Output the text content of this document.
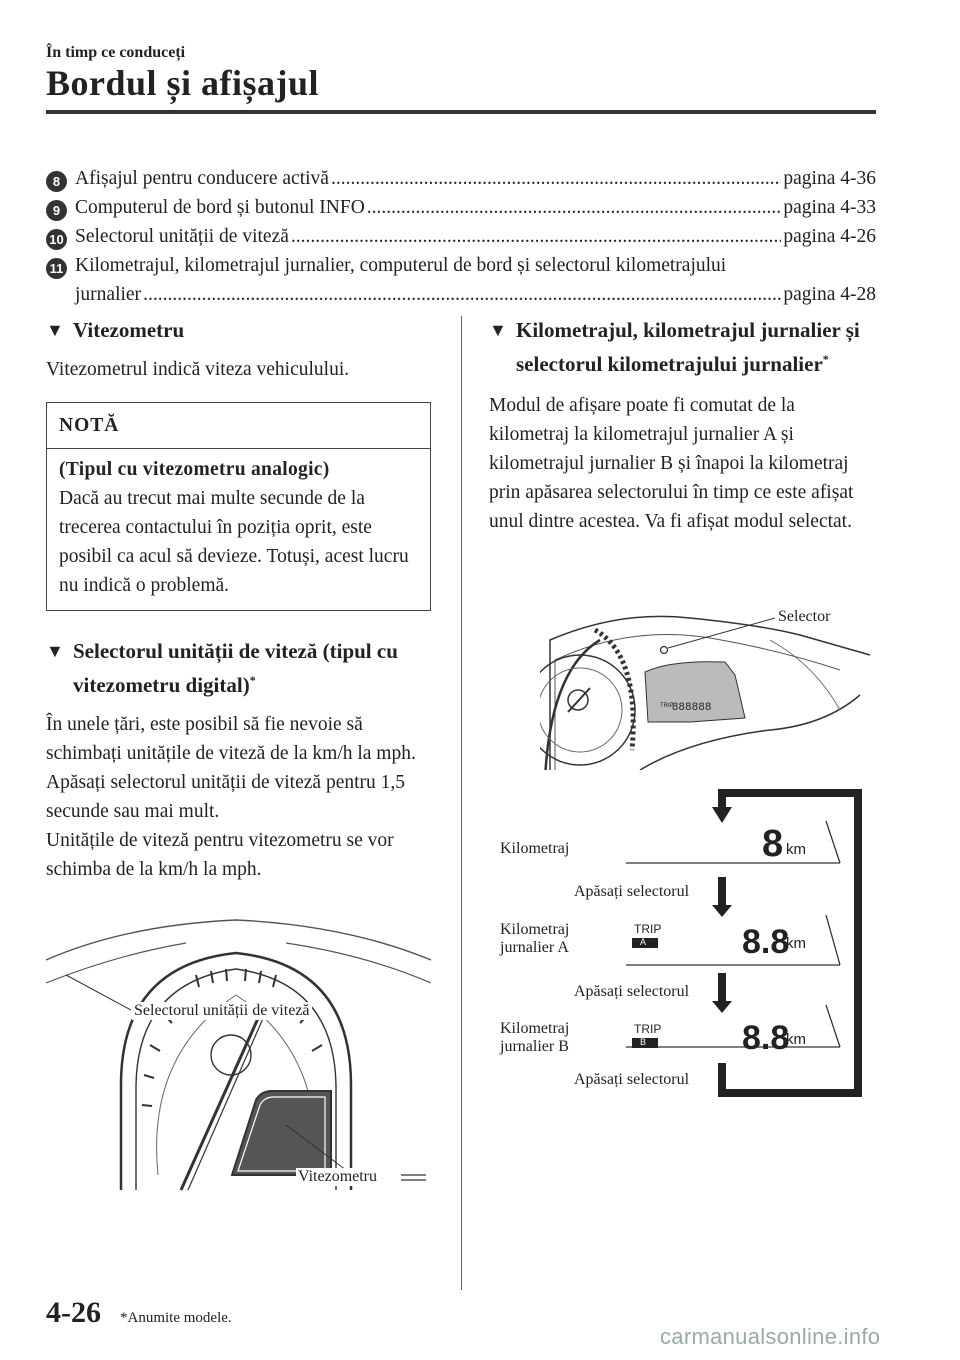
În timp ce conduceți
Bordul și afișajul
8 Afișajul pentru conducere activă .....	pagina 4-36
9 Computerul de bord și butonul INFO .....	pagina 4-33
10 Selectorul unității de viteză .....	pagina 4-26
11 Kilometrajul, kilometrajul jurnalier, computerul de bord și selectorul kilometrajului
jurnalier .....	pagina 4-28
▼ Vitezometru

Vitezometrul indică viteza vehiculului.

NOTĂ
(Tipul cu vitezometru analogic)
Dacă au trecut mai multe secunde de la trecerea contactului în poziția oprit, este posibil ca acul să devieze. Totuși, acest lucru nu indică o problemă.
▼ Selectorul unității de viteză (tipul cu vitezometru digital)*

În unele țări, este posibil să fie nevoie să schimbați unitățile de viteză de la km/h la mph.

Apăsați selectorul unității de viteză pentru 1,5 secunde sau mai mult.

Unitățile de viteză pentru vitezometru se vor schimba de la km/h la mph.

Selectorul unității de viteză
Vitezometru
▼ Kilometrajul, kilometrajul jurnalier și selectorul kilometrajului jurnalier*

Modul de afișare poate fi comutat de la kilometraj la kilometrajul jurnalier A și kilometrajul jurnalier B și înapoi la kilometraj prin apăsarea selectorului în timp ce este afișat unul dintre acestea. Va fi afișat modul selectat.

TRIP
888888
Selector
Kilometraj	8 km
Apăsați selectorul
Kilometraj
jurnalier A
TRIP
A	8.8
km
Apăsați selectorul
Kilometraj
jurnalier B
TRIP
B	8.8
km
Apăsați selectorul
4-26 *Anumite modele.
carmanualsonline.info
